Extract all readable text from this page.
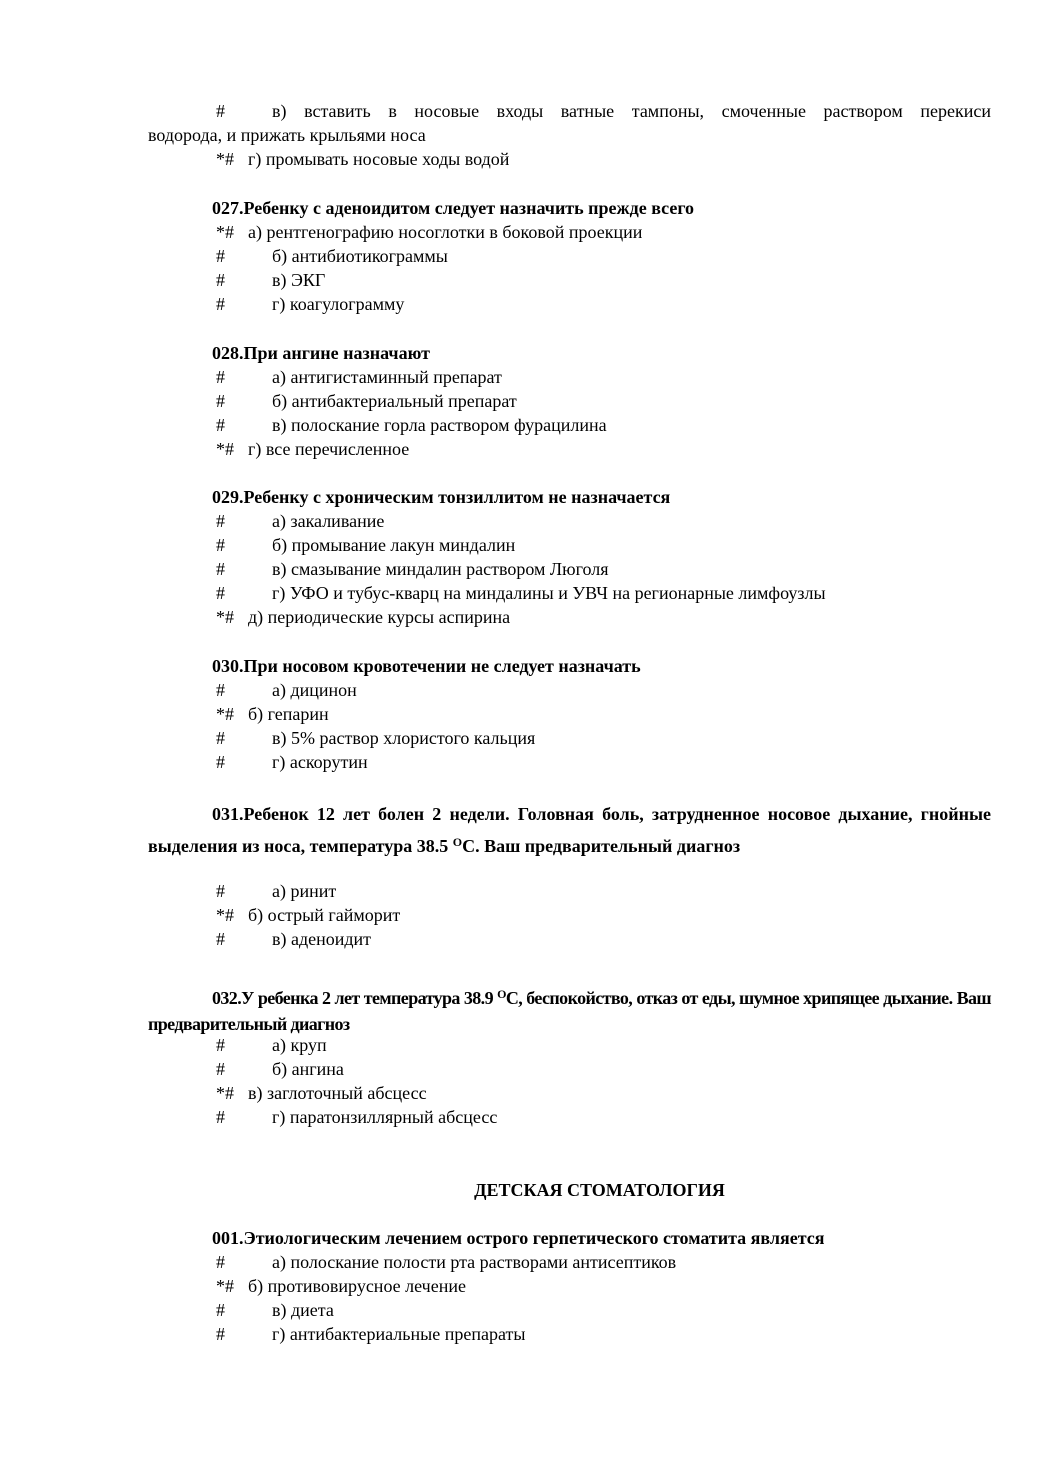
#	в) вставить в носовые входы ватные тампоны, смоченные раствором перекиси
водорода, и прижать крыльями носа
*# г) промывать носовые ходы водой
027.Ребенку с аденоидитом следует назначить прежде всего
*# а) рентгенографию носоглотки в боковой проекции
#	б) антибиотикограммы
#	в) ЭКГ
#	г) коагулограмму
028.При ангине назначают
#	а) антигистаминный препарат
#	б) антибактериальный препарат
#	в) полоскание горла раствором фурацилина
*# г) все перечисленное
029.Ребенку с хроническим тонзиллитом не назначается
#	а) закаливание
#	б) промывание лакун миндалин
#	в) смазывание миндалин раствором Люголя
#	г) УФО и тубус-кварц на миндалины и УВЧ на регионарные лимфоузлы
*# д) периодические курсы аспирина
030.При носовом кровотечении не следует назначать
#	а) дицинон
*# б) гепарин
#	в) 5% раствор хлористого кальция
#	г) аскорутин
031.Ребенок 12 лет болен 2 недели. Головная боль, затрудненное носовое дыхание, гнойные выделения из носа, температура 38.5 $^О$С. Ваш предварительный диагноз
#	а) ринит
*# б) острый гайморит
#	в) аденоидит
032.У ребенка 2 лет температура 38.9 $^О$С, беспокойство, отказ от еды, шумное хрипящее дыхание. Ваш предварительный диагноз
#	а) круп
#	б) ангина
*# в) заглоточный абсцесс
#	г) паратонзиллярный абсцесс
ДЕТСКАЯ СТОМАТОЛОГИЯ
001.Этиологическим лечением острого герпетического стоматита является
#	а) полоскание полости рта растворами антисептиков
*# б) противовирусное лечение
#	в) диета
#	г) антибактериальные препараты
